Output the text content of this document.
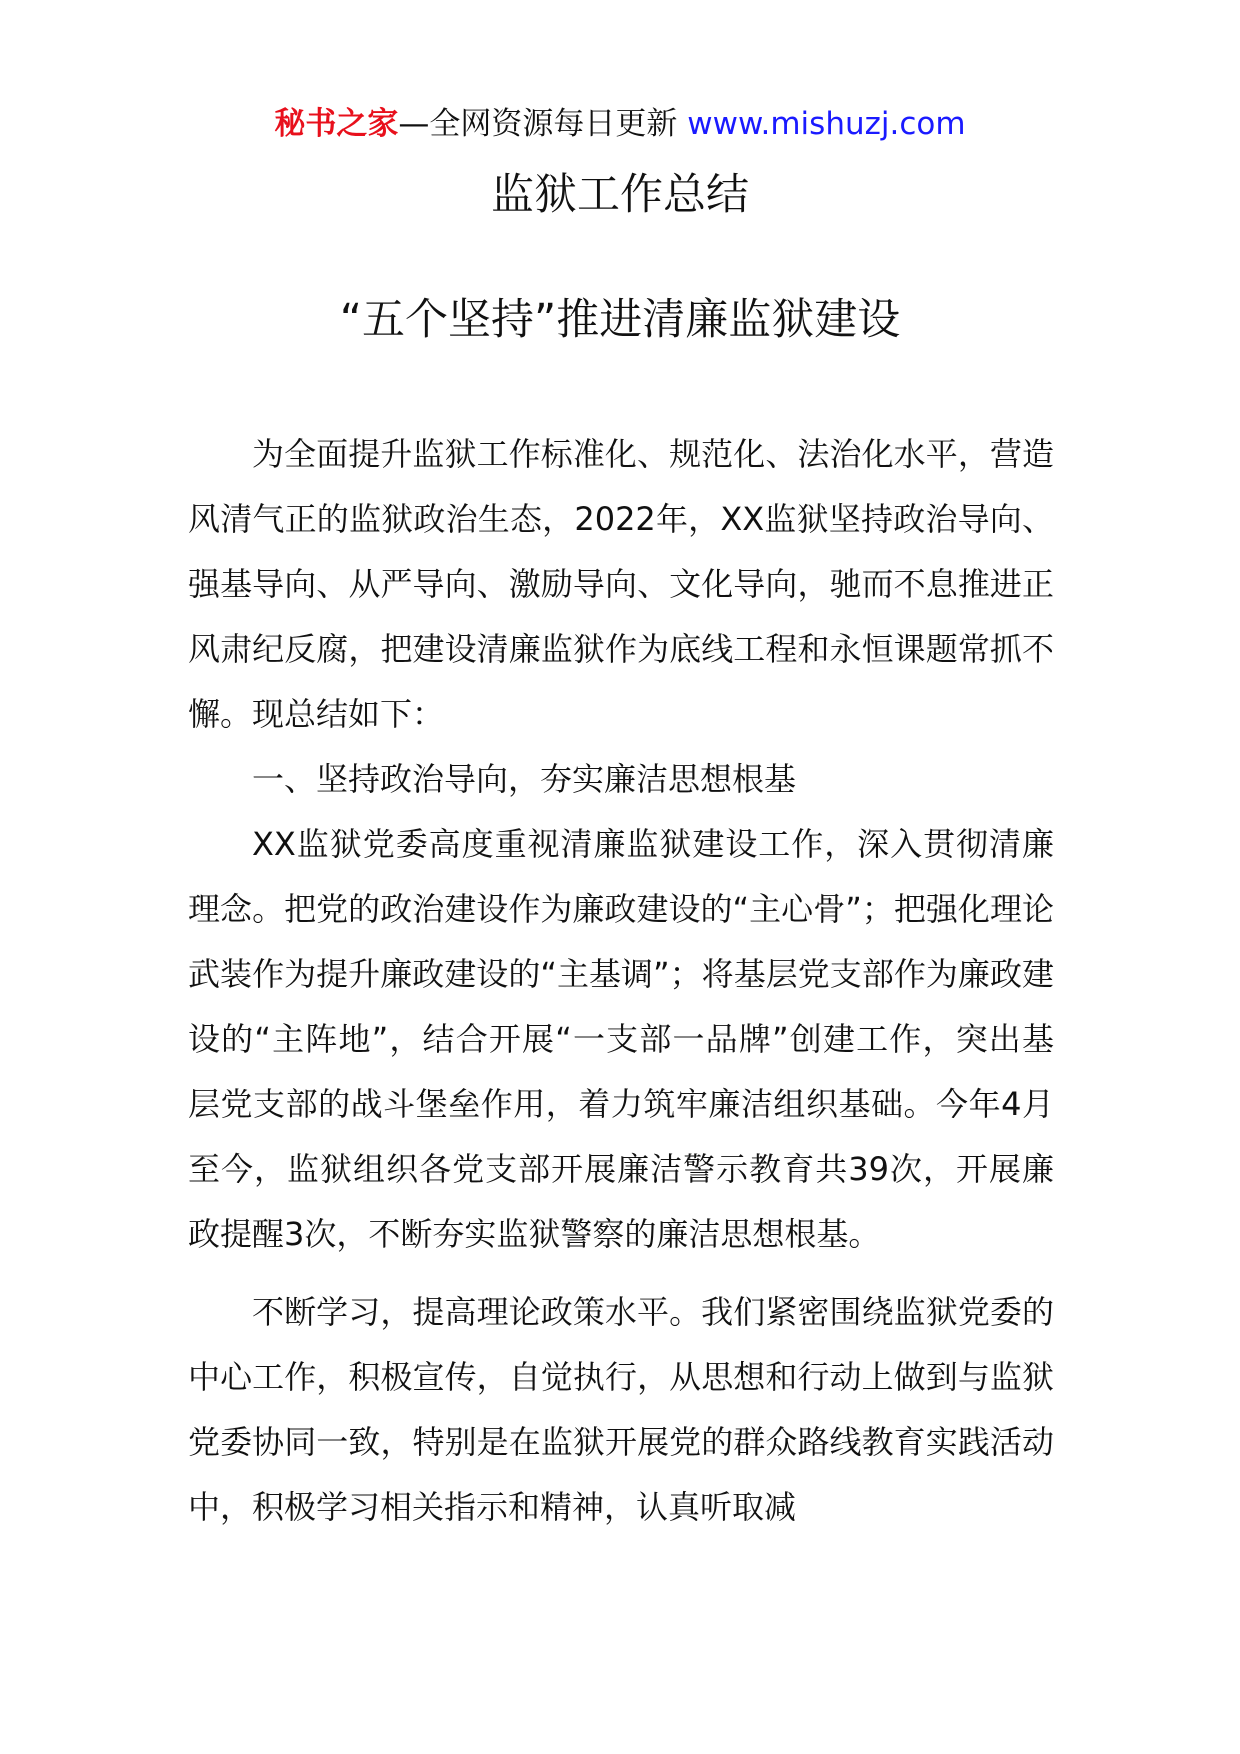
秘书之家—全网资源每日更新 www.mishuzj.com
监狱工作总结
“五个坚持”推进清廉监狱建设

为全面提升监狱工作标准化、规范化、法治化水平，营造风清气正的监狱政治生态，2022年，XX监狱坚持政治导向、强基导向、从严导向、激励导向、文化导向，驰而不息推进正风肃纪反腐，把建设清廉监狱作为底线工程和永恒课题常抓不懈。现总结如下：

一、坚持政治导向，夯实廉洁思想根基

XX监狱党委高度重视清廉监狱建设工作，深入贯彻清廉理念。把党的政治建设作为廉政建设的“主心骨”；把强化理论武装作为提升廉政建设的“主基调”；将基层党支部作为廉政建设的“主阵地”，结合开展“一支部一品牌”创建工作，突出基层党支部的战斗堡垒作用，着力筑牢廉洁组织基础。今年4月至今，监狱组织各党支部开展廉洁警示教育共39次，开展廉政提醒3次，不断夯实监狱警察的廉洁思想根基。

不断学习，提高理论政策水平。我们紧密围绕监狱党委的中心工作，积极宣传，自觉执行，从思想和行动上做到与监狱党委协同一致，特别是在监狱开展党的群众路线教育实践活动中，积极学习相关指示和精神，认真听取减
